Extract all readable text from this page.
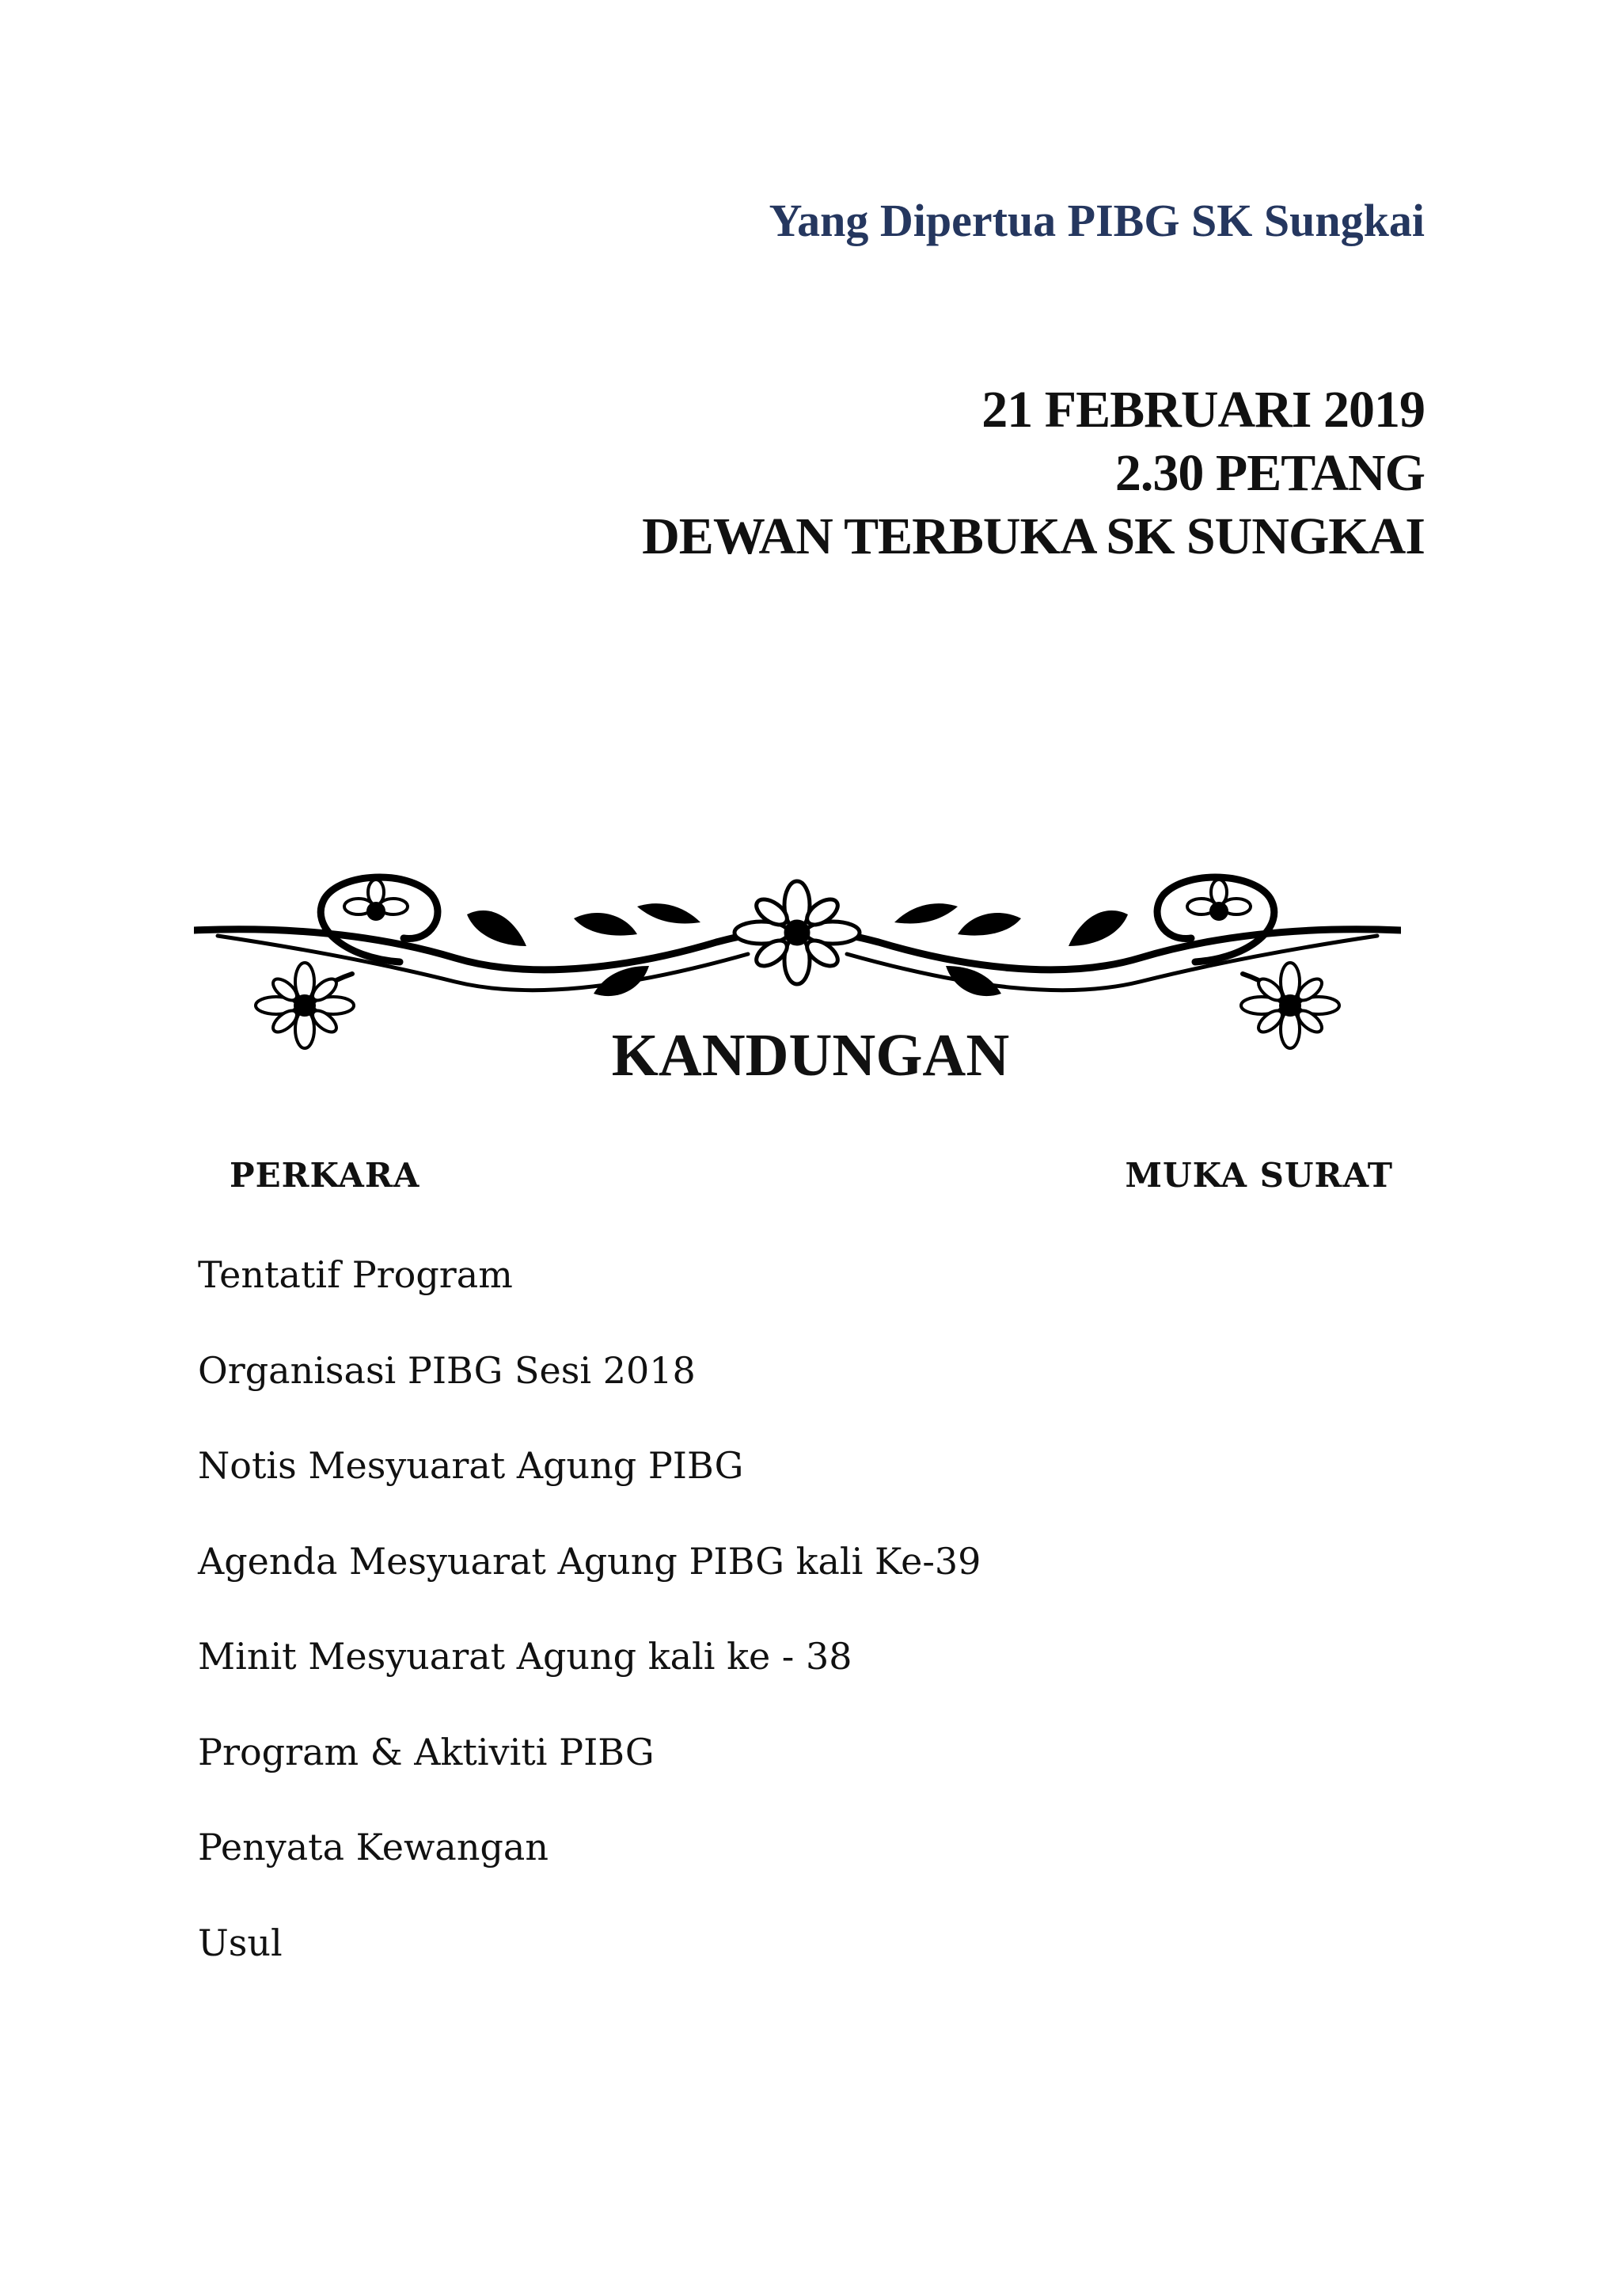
Yang Dipertua PIBG SK Sungkai
21 FEBRUARI 2019
2.30 PETANG
DEWAN TERBUKA SK SUNGKAI
KANDUNGAN
PERKARA	MUKA SURAT
Tentatif Program
Organisasi PIBG Sesi 2018
Notis Mesyuarat Agung PIBG
Agenda Mesyuarat Agung PIBG kali Ke-39
Minit Mesyuarat Agung kali ke - 38
Program & Aktiviti PIBG
Penyata Kewangan
Usul
